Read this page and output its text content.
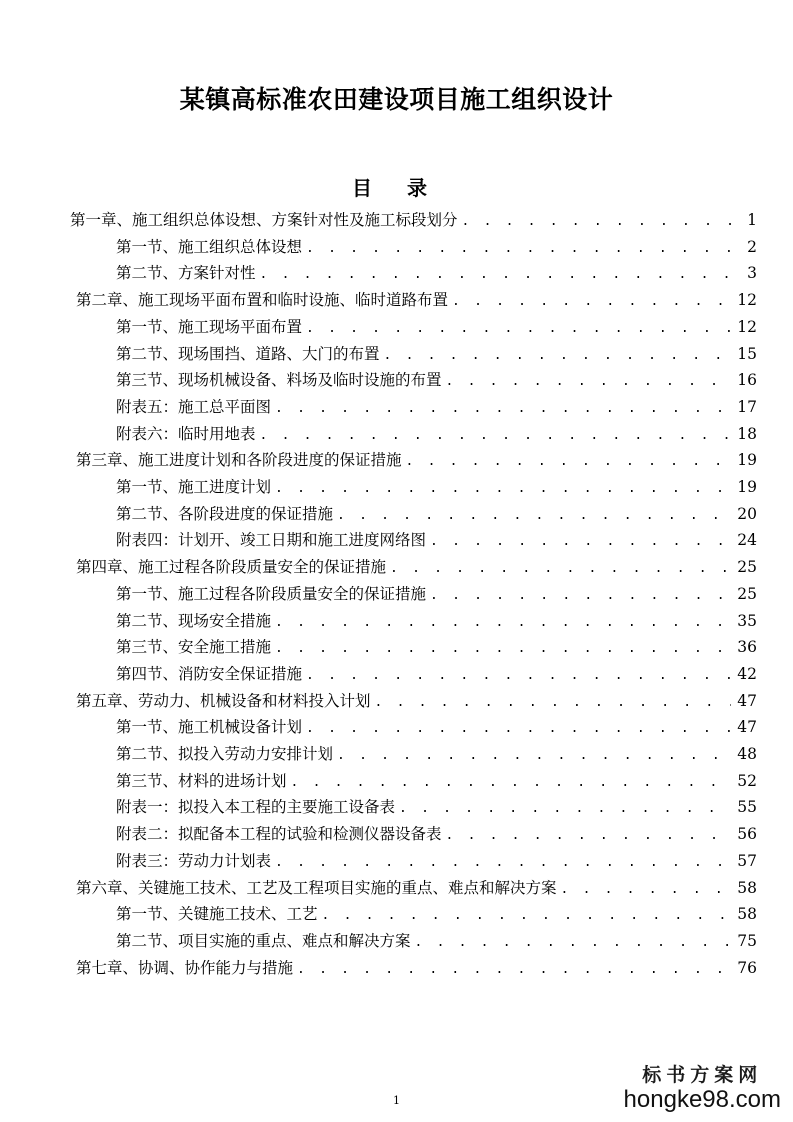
某镇高标准农田建设项目施工组织设计
目 录
第一章、施工组织总体设想、方案针对性及施工标段划分 . . .	1
第一节、施工组织总体设想 . . .	2
第二节、方案针对性 . . .	3
第二章、施工现场平面布置和临时设施、临时道路布置 . . .	12
第一节、施工现场平面布置 . . .	12
第二节、现场围挡、道路、大门的布置 . . .	15
第三节、现场机械设备、料场及临时设施的布置 . . .	16
附表五：施工总平面图 . . .	17
附表六：临时用地表 . . .	18
第三章、施工进度计划和各阶段进度的保证措施 . . .	19
第一节、施工进度计划 . . .	19
第二节、各阶段进度的保证措施 . . .	20
附表四：计划开、竣工日期和施工进度网络图 . . .	24
第四章、施工过程各阶段质量安全的保证措施 . . .	25
第一节、施工过程各阶段质量安全的保证措施 . . .	25
第二节、现场安全措施 . . .	35
第三节、安全施工措施 . . .	36
第四节、消防安全保证措施 . . .	42
第五章、劳动力、机械设备和材料投入计划 . . .	47
第一节、施工机械设备计划 . . .	47
第二节、拟投入劳动力安排计划 . . .	48
第三节、材料的进场计划 . . .	52
附表一：拟投入本工程的主要施工设备表 . . .	55
附表二：拟配备本工程的试验和检测仪器设备表 . . .	56
附表三：劳动力计划表 . . .	57
第六章、关键施工技术、工艺及工程项目实施的重点、难点和解决方案 . . .	58
第一节、关键施工技术、工艺 . . .	58
第二节、项目实施的重点、难点和解决方案 . . .	75
第七章、协调、协作能力与措施 . . .	76
1
标书方案网
hongke98.com
